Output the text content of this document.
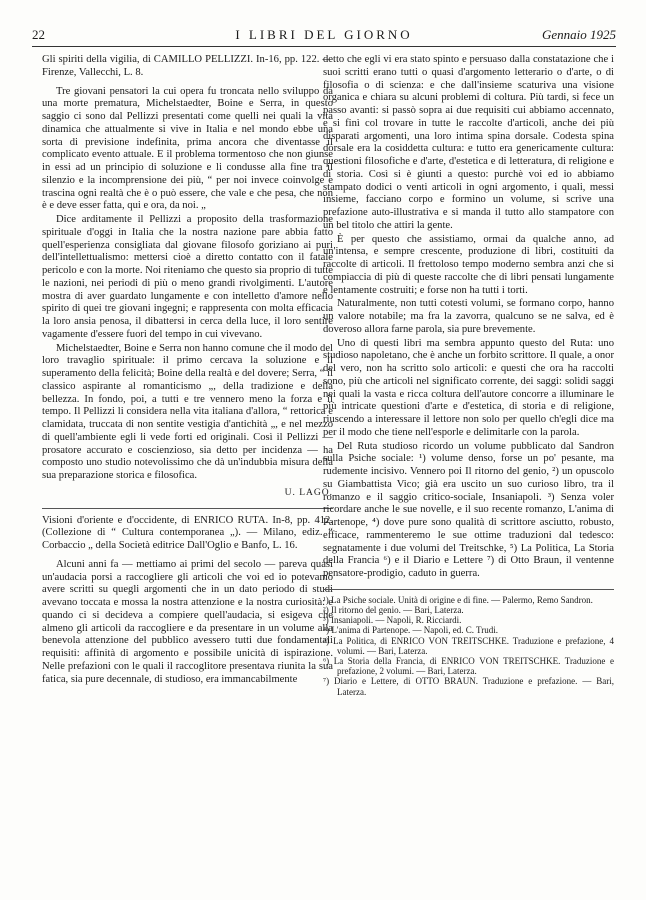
22	I LIBRI DEL GIORNO	Gennaio 1925

Gli spiriti della vigilia, di CAMILLO PELLIZZI. In-16, pp. 122. — Firenze, Vallecchi, L. 8.

Tre giovani pensatori la cui opera fu troncata nello sviluppo da una morte prematura, Michelstaedter, Boine e Serra, in questo saggio ci sono dal Pellizzi presentati come quelli nei quali la vita dinamica che attualmente si vive in Italia e nel mondo ebbe una sorta di previsione indefinita, prima ancora che diventasse il complicato evento attuale. E il problema tormentoso che non giunse in essi ad un principio di soluzione e li condusse alla fine tra il silenzio e la incomprensione dei più, “ per noi invece coinvolge e trascina ogni realtà che è o può essere, che vale e che pesa, che non è e deve esser fatta, qui e ora, da noi. „

Dice arditamente il Pellizzi a proposito della trasformazione spirituale d'oggi in Italia che la nostra nazione pare abbia fatto quell'esperienza consigliata dal giovane filosofo goriziano ai puri dell'intellettualismo: mettersi cioè a diretto contatto con il fatale pericolo e con la morte. Noi riteniamo che questo sia proprio di tutte le nazioni, nei periodi di più o meno grandi rivolgimenti. L'autore mostra di aver guardato lungamente e con intelletto d'amore nello spirito di quei tre giovani ingegni; e rappresenta con molta efficacia la loro ansia penosa, il dibattersi in cerca della luce, il loro sentire vagamente d'essere fuori del tempo in cui vivevano.

Michelstaedter, Boine e Serra non hanno comune che il modo del loro travaglio spirituale: il primo cercava la soluzione e il superamento della felicità; Boine della realtà e del dovere; Serra, “ il classico aspirante al romanticismo „, della tradizione e della bellezza. In fondo, poi, a tutti e tre vennero meno la forza e il tempo. Il Pellizzi li considera nella vita italiana d'allora, “ rettorica e clamidata, truccata di non sentite vestigia d'antichità „, e nel mezzo di quell'ambiente egli li vede forti ed originali. Così il Pellizzi — prosatore accurato e coscienzioso, sia detto per incidenza — ha composto uno studio notevolissimo che dà un'indubbia misura della sua preparazione storica e filosofica.

U. LAGO.

Visioni d'oriente e d'occidente, di ENRICO RUTA. In-8, pp. 412. (Collezione di “ Cultura contemporanea „). — Milano, ediz. “ Corbaccio „ della Società editrice Dall'Oglio e Banfo, L. 16.

Alcuni anni fa — mettiamo ai primi del secolo — pareva quasi un'audacia porsi a raccogliere gli articoli che voi ed io potevamo avere scritti su quegli argomenti che in un dato periodo di studi avevano toccata e mossa la nostra attenzione e la nostra curiosità: e quando ci si decideva a compiere quell'audacia, si esigeva che almeno gli articoli da raccogliere e da presentare in un volume alla benevola attenzione del pubblico avessero tutti due fondamentali requisiti: affinità di argomento e possibile unicità di ispirazione. Nelle prefazioni con le quali il raccoglitore presentava riunita la sua fatica, sia pure decennale, di studioso, era immancabilmente

detto che egli vi era stato spinto e persuaso dalla constatazione che i suoi scritti erano tutti o quasi d'argomento letterario o d'arte, o di filosofia o di scienza: e che dall'insieme scaturiva una visione organica e chiara su alcuni problemi di coltura. Più tardi, si fece un passo avanti: si passò sopra ai due requisiti cui abbiamo accennato, e si finì col trovare in tutte le raccolte d'articoli, anche dei più disparati argomenti, una loro intima spina dorsale. Codesta spina dorsale era la cosiddetta cultura: e tutto era genericamente cultura: questioni filosofiche e d'arte, d'estetica e di letteratura, di religione e di storia. Così si è giunti a questo: purchè voi ed io abbiamo stampato dodici o venti articoli in ogni argomento, i quali, messi insieme, facciano corpo e formino un volume, si scrive una prefazione auto-illustrativa e si manda il tutto allo stampatore con un bel titolo che attiri la gente.

È per questo che assistiamo, ormai da qualche anno, ad un'intensa, e sempre crescente, produzione di libri, costituiti da raccolte di articoli. Il frettoloso tempo moderno sembra anzi che si compiaccia di più di queste raccolte che di libri pensati lungamente e lentamente costruiti; e forse non ha tutti i torti.

Naturalmente, non tutti cotesti volumi, se formano corpo, hanno un valore notabile; ma fra la zavorra, qualcuno se ne salva, ed è doveroso allora farne parola, sia pure brevemente.

Uno di questi libri ma sembra appunto questo del Ruta: uno studioso napoletano, che è anche un forbito scrittore. Il quale, a onor del vero, non ha scritto solo articoli: e questi che ora ha raccolti sono, più che articoli nel significato corrente, dei saggi: solidi saggi nei quali la vasta e ricca coltura dell'autore concorre a illuminare le più intricate questioni d'arte e d'estetica, di storia e di religione, riuscendo a interessare il lettore non solo per quello ch'egli dice ma per il modo che tiene nell'esporle e delimitarle con la parola.

Del Ruta studioso ricordo un volume pubblicato dal Sandron sulla Psiche sociale: ¹) volume denso, forse un po' pesante, ma rudemente incisivo. Vennero poi Il ritorno del genio, ²) un opuscolo su Giambattista Vico; già era uscito un suo curioso libro, tra il romanzo e il saggio critico-sociale, Insaniapoli. ³) Senza voler ricordare anche le sue novelle, e il suo recente romanzo, L'anima di Partenope, ⁴) dove pure sono qualità di scrittore asciutto, robusto, efficace, rammenteremo le sue ottime traduzioni dal tedesco: segnatamente i due volumi del Treitschke, ⁵) La Politica, La Storia della Francia ⁶) e il Diario e Lettere ⁷) di Otto Braun, il ventenne pensatore-prodigio, caduto in guerra.

¹) La Psiche sociale. Unità di origine e di fine. — Palermo, Remo Sandron.

²) Il ritorno del genio. — Bari, Laterza.

³) Insaniapoli. — Napoli, R. Ricciardi.

⁴) L'anima di Partenope. — Napoli, ed. C. Trudi.

⁵) La Politica, di ENRICO VON TREITSCHKE. Traduzione e prefazione, 4 volumi. — Bari, Laterza.

⁶) La Storia della Francia, di ENRICO VON TREITSCHKE. Traduzione e prefazione, 2 volumi. — Bari, Laterza.

⁷) Diario e Lettere, di OTTO BRAUN. Traduzione e prefazione. — Bari, Laterza.
